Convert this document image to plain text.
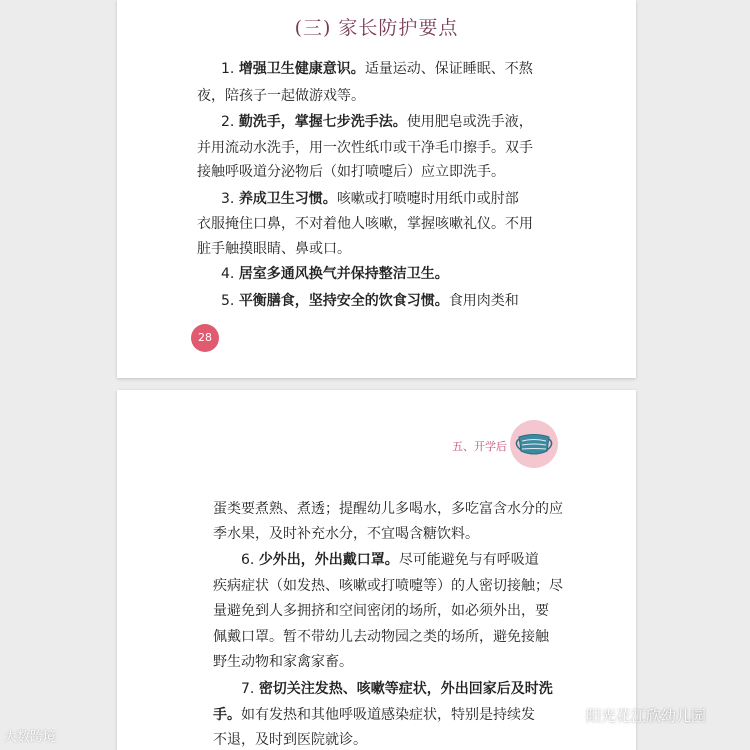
(三) 家长防护要点
1. 增强卫生健康意识。适量运动、保证睡眠、不熬
夜，陪孩子一起做游戏等。
2. 勤洗手，掌握七步洗手法。使用肥皂或洗手液，
并用流动水洗手，用一次性纸巾或干净毛巾擦手。双手
接触呼吸道分泌物后（如打喷嚏后）应立即洗手。
3. 养成卫生习惯。咳嗽或打喷嚏时用纸巾或肘部
衣服掩住口鼻，不对着他人咳嗽，掌握咳嗽礼仪。不用
脏手触摸眼睛、鼻或口。
4. 居室多通风换气并保持整洁卫生。
5. 平衡膳食，坚持安全的饮食习惯。食用肉类和
28
五、开学后
蛋类要煮熟、煮透；提醒幼儿多喝水，多吃富含水分的应
季水果，及时补充水分，不宜喝含糖饮料。
6. 少外出，外出戴口罩。尽可能避免与有呼吸道
疾病症状（如发热、咳嗽或打喷嚏等）的人密切接触；尽
量避免到人多拥挤和空间密闭的场所，如必须外出，要
佩戴口罩。暂不带幼儿去动物园之类的场所，避免接触
野生动物和家禽家畜。
7. 密切关注发热、咳嗽等症状，外出回家后及时洗
手。如有发热和其他呼吸道感染症状，特别是持续发
不退，及时到医院就诊。
大数跨境
阳光花江欣幼儿园
